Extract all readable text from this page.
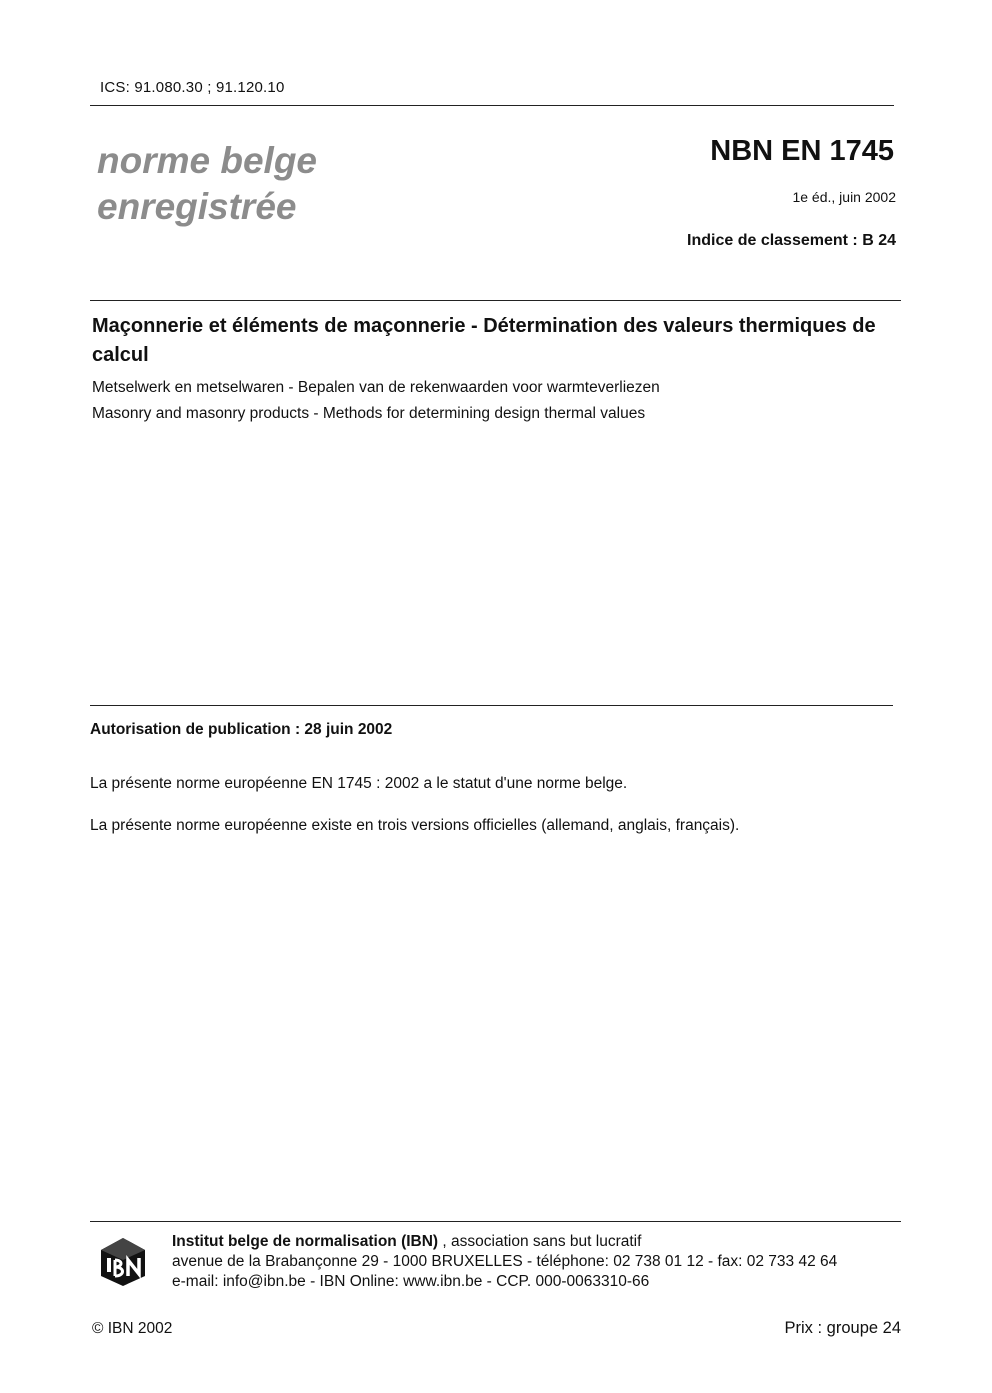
ICS: 91.080.30 ; 91.120.10
norme belge
enregistrée
NBN EN 1745
1e éd., juin 2002
Indice de classement : B 24
Maçonnerie et éléments de maçonnerie - Détermination des valeurs thermiques de calcul
Metselwerk en metselwaren - Bepalen van de rekenwaarden voor warmteverliezen
Masonry and masonry products - Methods for determining design thermal values
Autorisation de publication : 28 juin 2002
La présente norme européenne EN 1745 : 2002 a le statut d'une norme belge.
La présente norme européenne existe en trois versions officielles (allemand, anglais, français).
Institut belge de normalisation (IBN) , association sans but lucratif
avenue de la Brabançonne 29 - 1000 BRUXELLES - téléphone: 02 738 01 12 - fax: 02 733 42 64
e-mail: info@ibn.be - IBN Online: www.ibn.be - CCP. 000-0063310-66
© IBN 2002	Prix : groupe 24
